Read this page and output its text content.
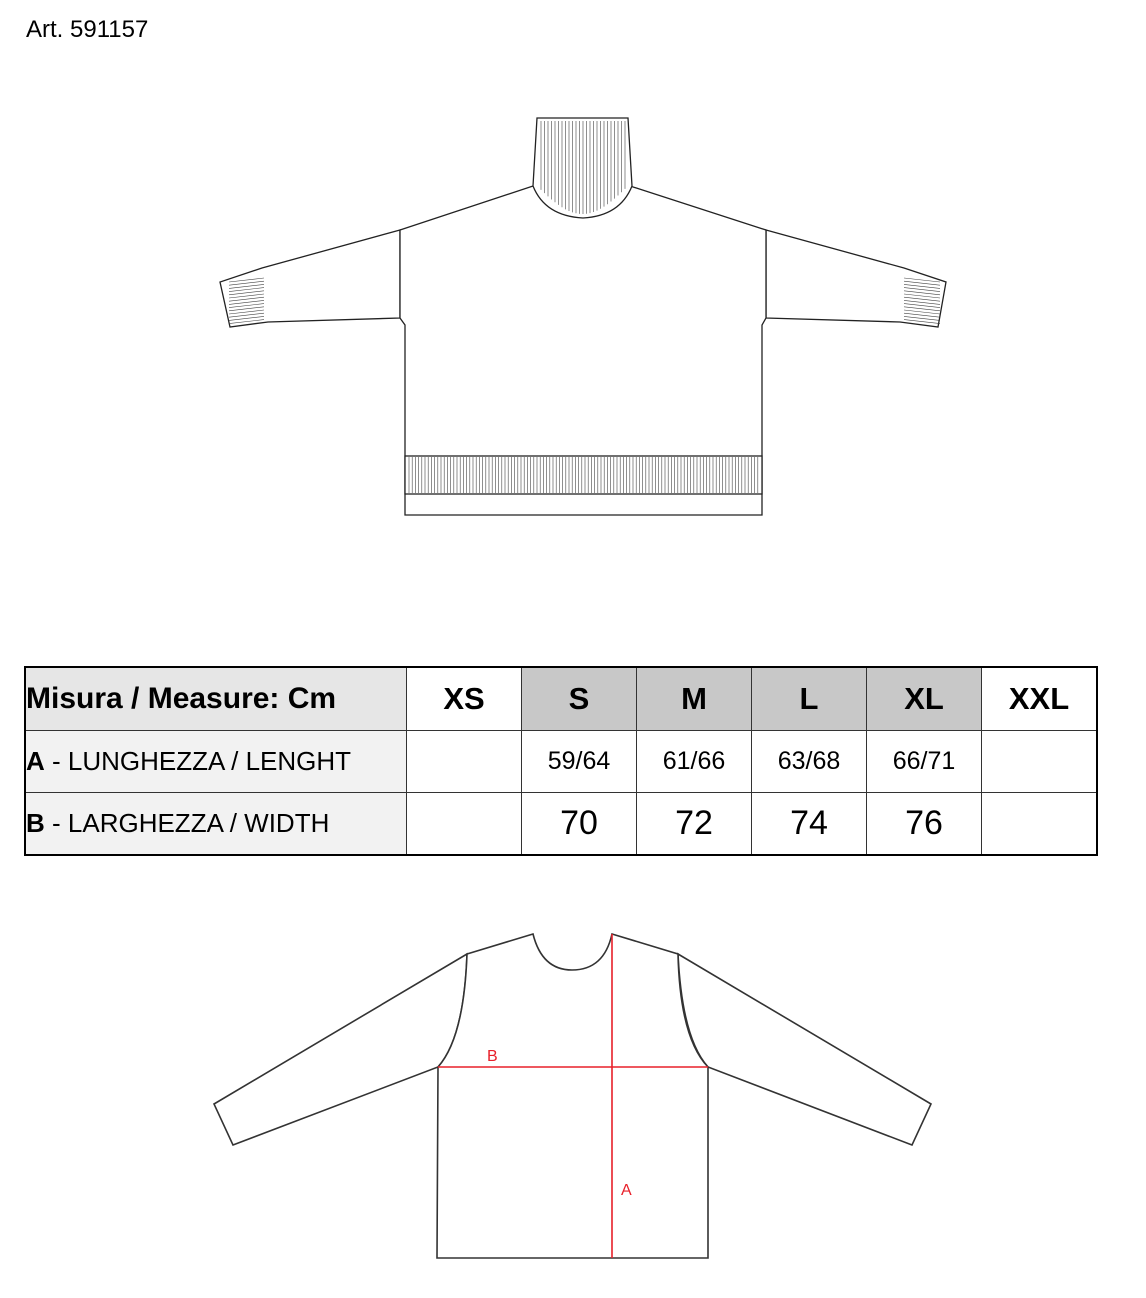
Art. 591157
Misura / Measure: Cm	XS	S	M	L	XL	XXL
A - LUNGHEZZA / LENGHT		59/64	61/66	63/68	66/71	
B - LARGHEZZA / WIDTH		70	72	74	76	
B
A
